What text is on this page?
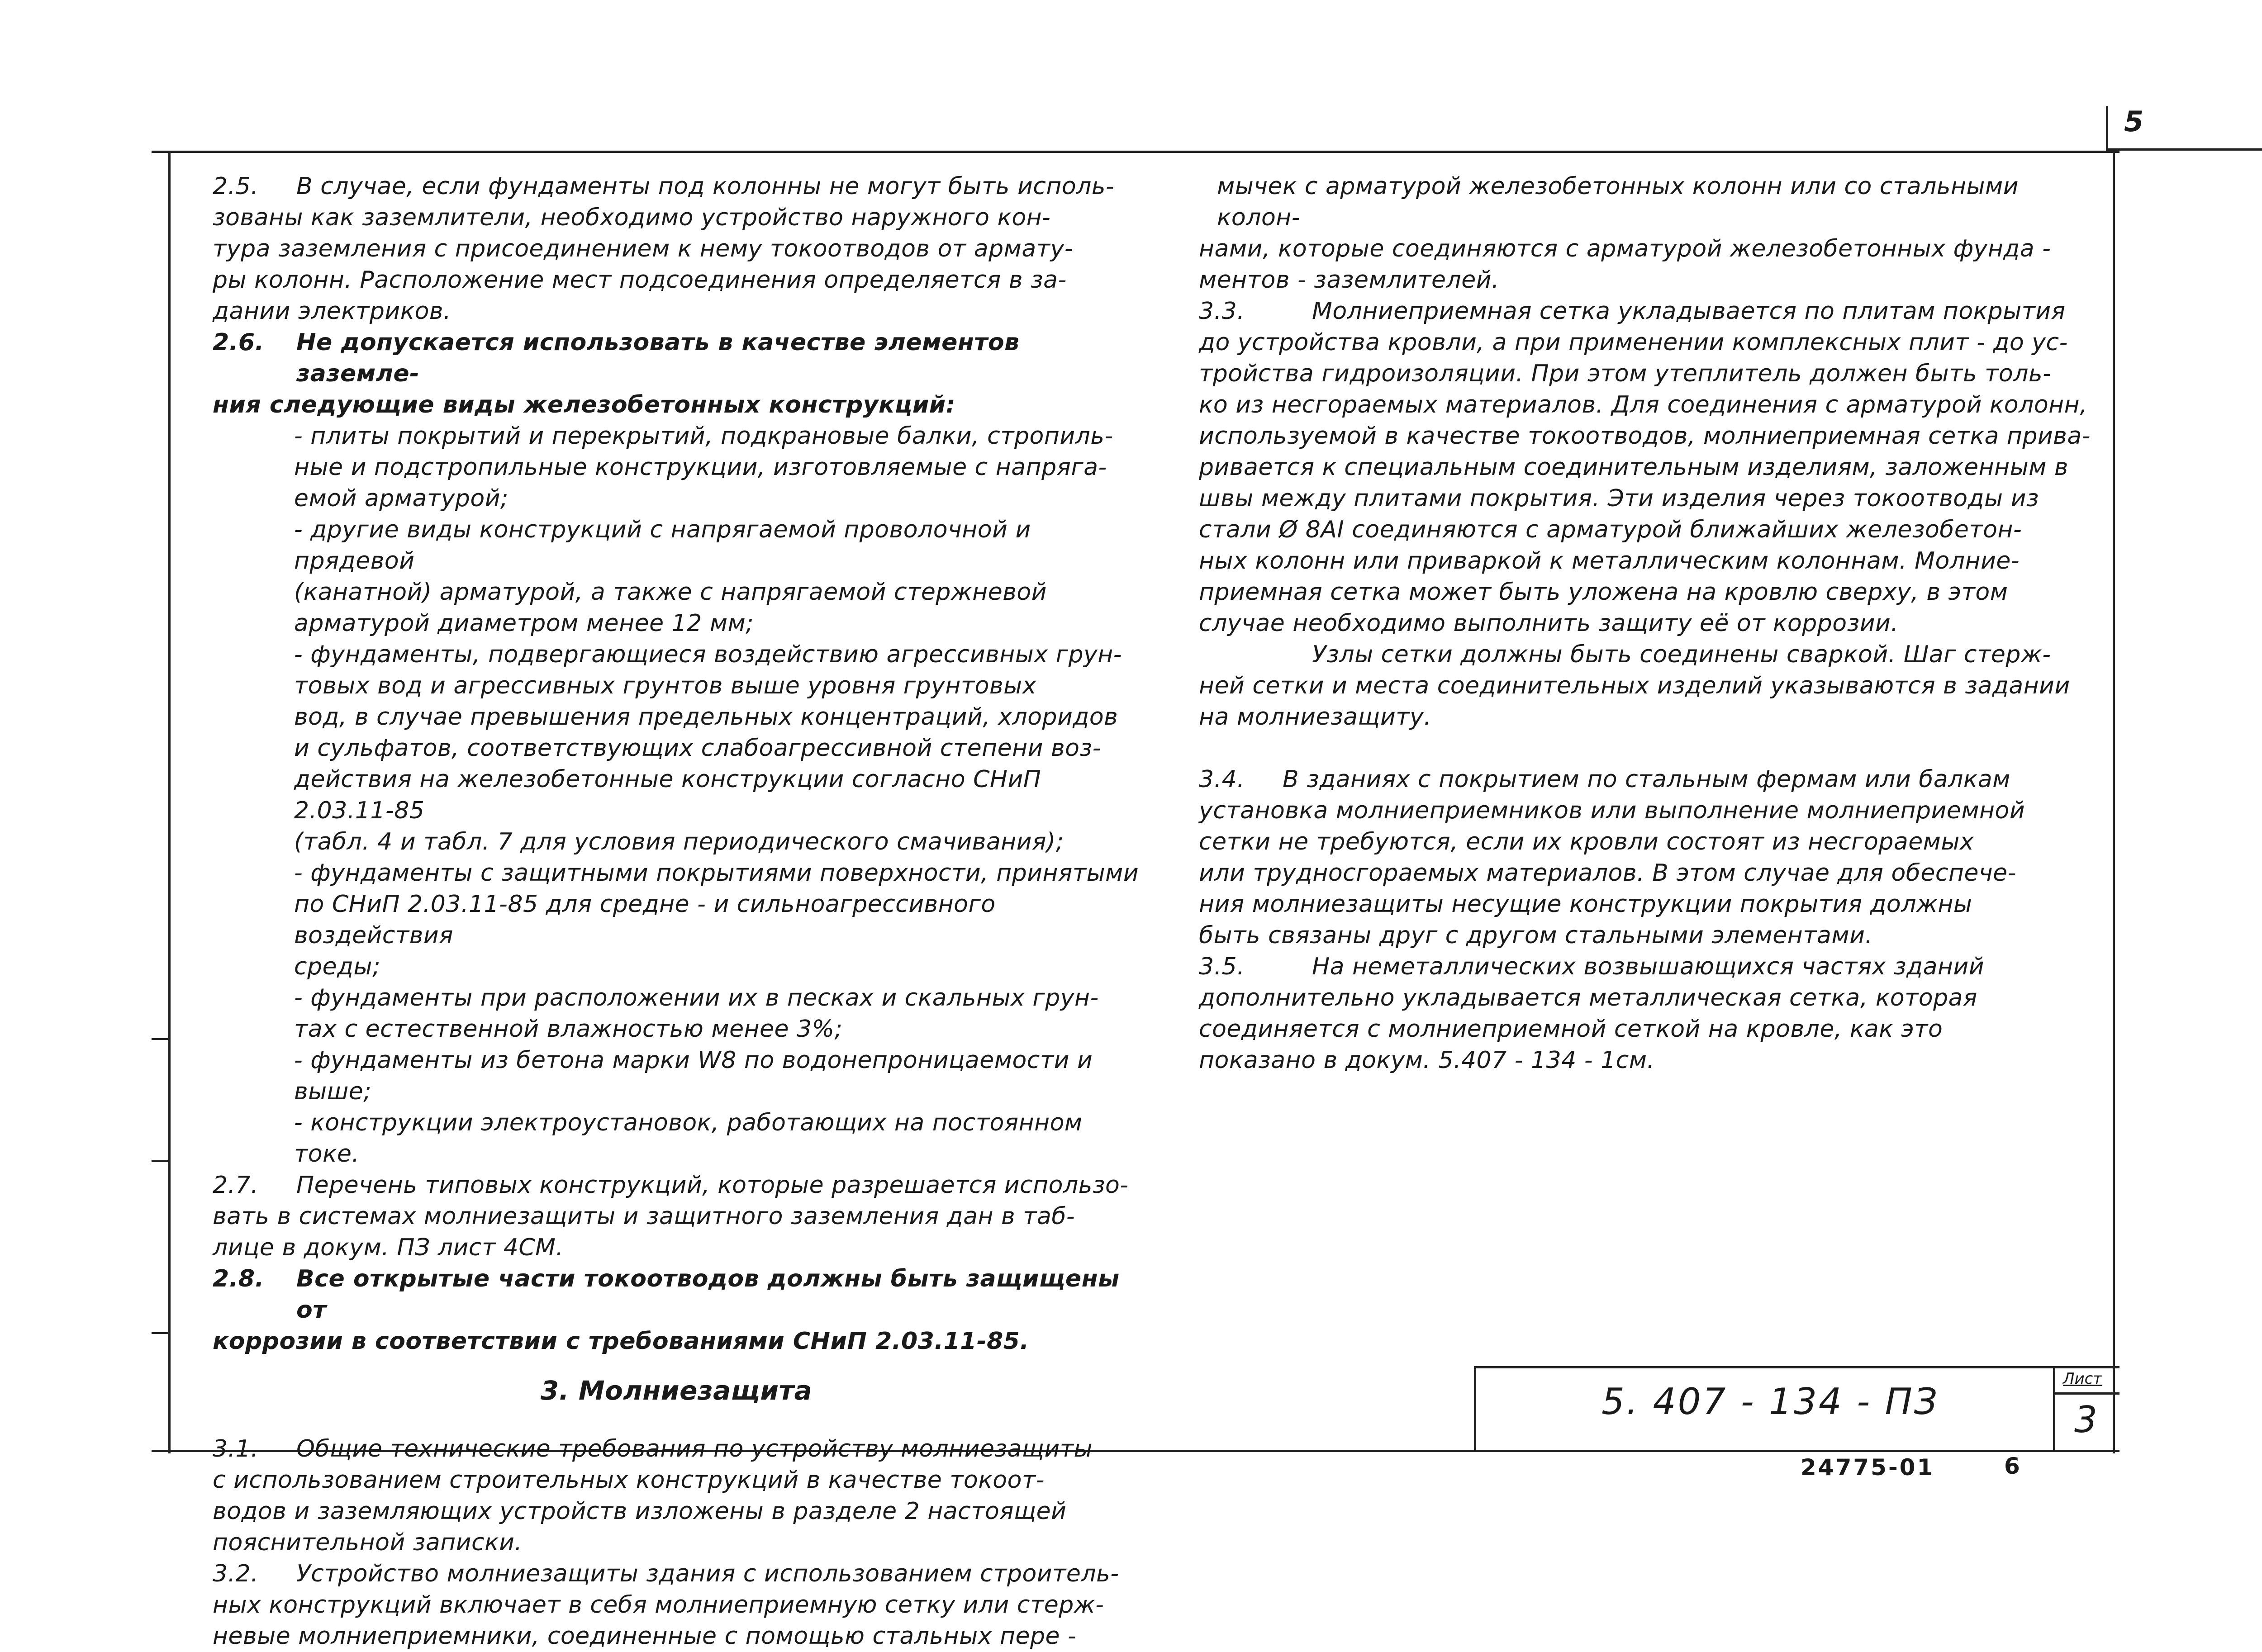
5
2.5. В случае, если фундаменты под колонны не могут быть исполь-
зованы как заземлители, необходимо устройство наружного кон-
тура заземления с присоединением к нему токоотводов от армату-
ры колонн. Расположение мест подсоединения определяется в за-
дании электриков.
2.6. Не допускается использовать в качестве элементов заземле-
ния следующие виды железобетонных конструкций:
- плиты покрытий и перекрытий, подкрановые балки, стропиль-
ные и подстропильные конструкции, изготовляемые с напряга-
емой арматурой;
- другие виды конструкций с напрягаемой проволочной и прядевой
(канатной) арматурой, а также с напрягаемой стержневой
арматурой диаметром менее 12 мм;
- фундаменты, подвергающиеся воздействию агрессивных грун-
товых вод и агрессивных грунтов выше уровня грунтовых
вод, в случае превышения предельных концентраций, хлоридов
и сульфатов, соответствующих слабоагрессивной степени воз-
действия на железобетонные конструкции согласно СНиП 2.03.11-85
(табл. 4 и табл. 7 для условия периодического смачивания);
- фундаменты с защитными покрытиями поверхности, принятыми
по СНиП 2.03.11-85 для средне - и сильноагрессивного воздействия
среды;
- фундаменты при расположении их в песках и скальных грун-
тах с естественной влажностью менее 3%;
- фундаменты из бетона марки W8 по водонепроницаемости и выше;
- конструкции электроустановок, работающих на постоянном токе.
2.7. Перечень типовых конструкций, которые разрешается использо-
вать в системах молниезащиты и защитного заземления дан в таб-
лице в докум. ПЗ лист 4СМ.
2.8. Все открытые части токоотводов должны быть защищены от
коррозии в соответствии с требованиями СНиП 2.03.11-85.
3. Молниезащита
3.1. Общие технические требования по устройству молниезащиты
с использованием строительных конструкций в качестве токоот-
водов и заземляющих устройств изложены в разделе 2 настоящей
пояснительной записки.
3.2. Устройство молниезащиты здания с использованием строитель-
ных конструкций включает в себя молниеприемную сетку или стерж-
невые молниеприемники, соединенные с помощью стальных пере -
мычек с арматурой железобетонных колонн или со стальными колон-
нами, которые соединяются с арматурой железобетонных фунда -
ментов - заземлителей.
3.3.	Молниеприемная сетка укладывается по плитам покрытия
до устройства кровли, а при применении комплексных плит - до ус-
тройства гидроизоляции. При этом утеплитель должен быть толь-
ко из несгораемых материалов. Для соединения с арматурой колонн,
используемой в качестве токоотводов, молниеприемная сетка прива-
ривается к специальным соединительным изделиям, заложенным в
швы между плитами покрытия. Эти изделия через токоотводы из
стали Ø 8AI соединяются с арматурой ближайших железобетон-
ных колонн или приваркой к металлическим колоннам. Молние-
приемная сетка может быть уложена на кровлю сверху, в этом
случае необходимо выполнить защиту её от коррозии.
Узлы сетки должны быть соединены сваркой. Шаг стерж-
ней сетки и места соединительных изделий указываются в задании
на молниезащиту.
3.4. В зданиях с покрытием по стальным фермам или балкам
установка молниеприемников или выполнение молниеприемной
сетки не требуются, если их кровли состоят из несгораемых
или трудносгораемых материалов. В этом случае для обеспече-
ния молниезащиты несущие конструкции покрытия должны
быть связаны друг с другом стальными элементами.
3.5.	На неметаллических возвышающихся частях зданий
дополнительно укладывается металлическая сетка, которая
соединяется с молниеприемной сеткой на кровле, как это
показано в докум. 5.407 - 134 - 1см.
5. 407 - 134 - ПЗ
Лист
3
24775-01	6
